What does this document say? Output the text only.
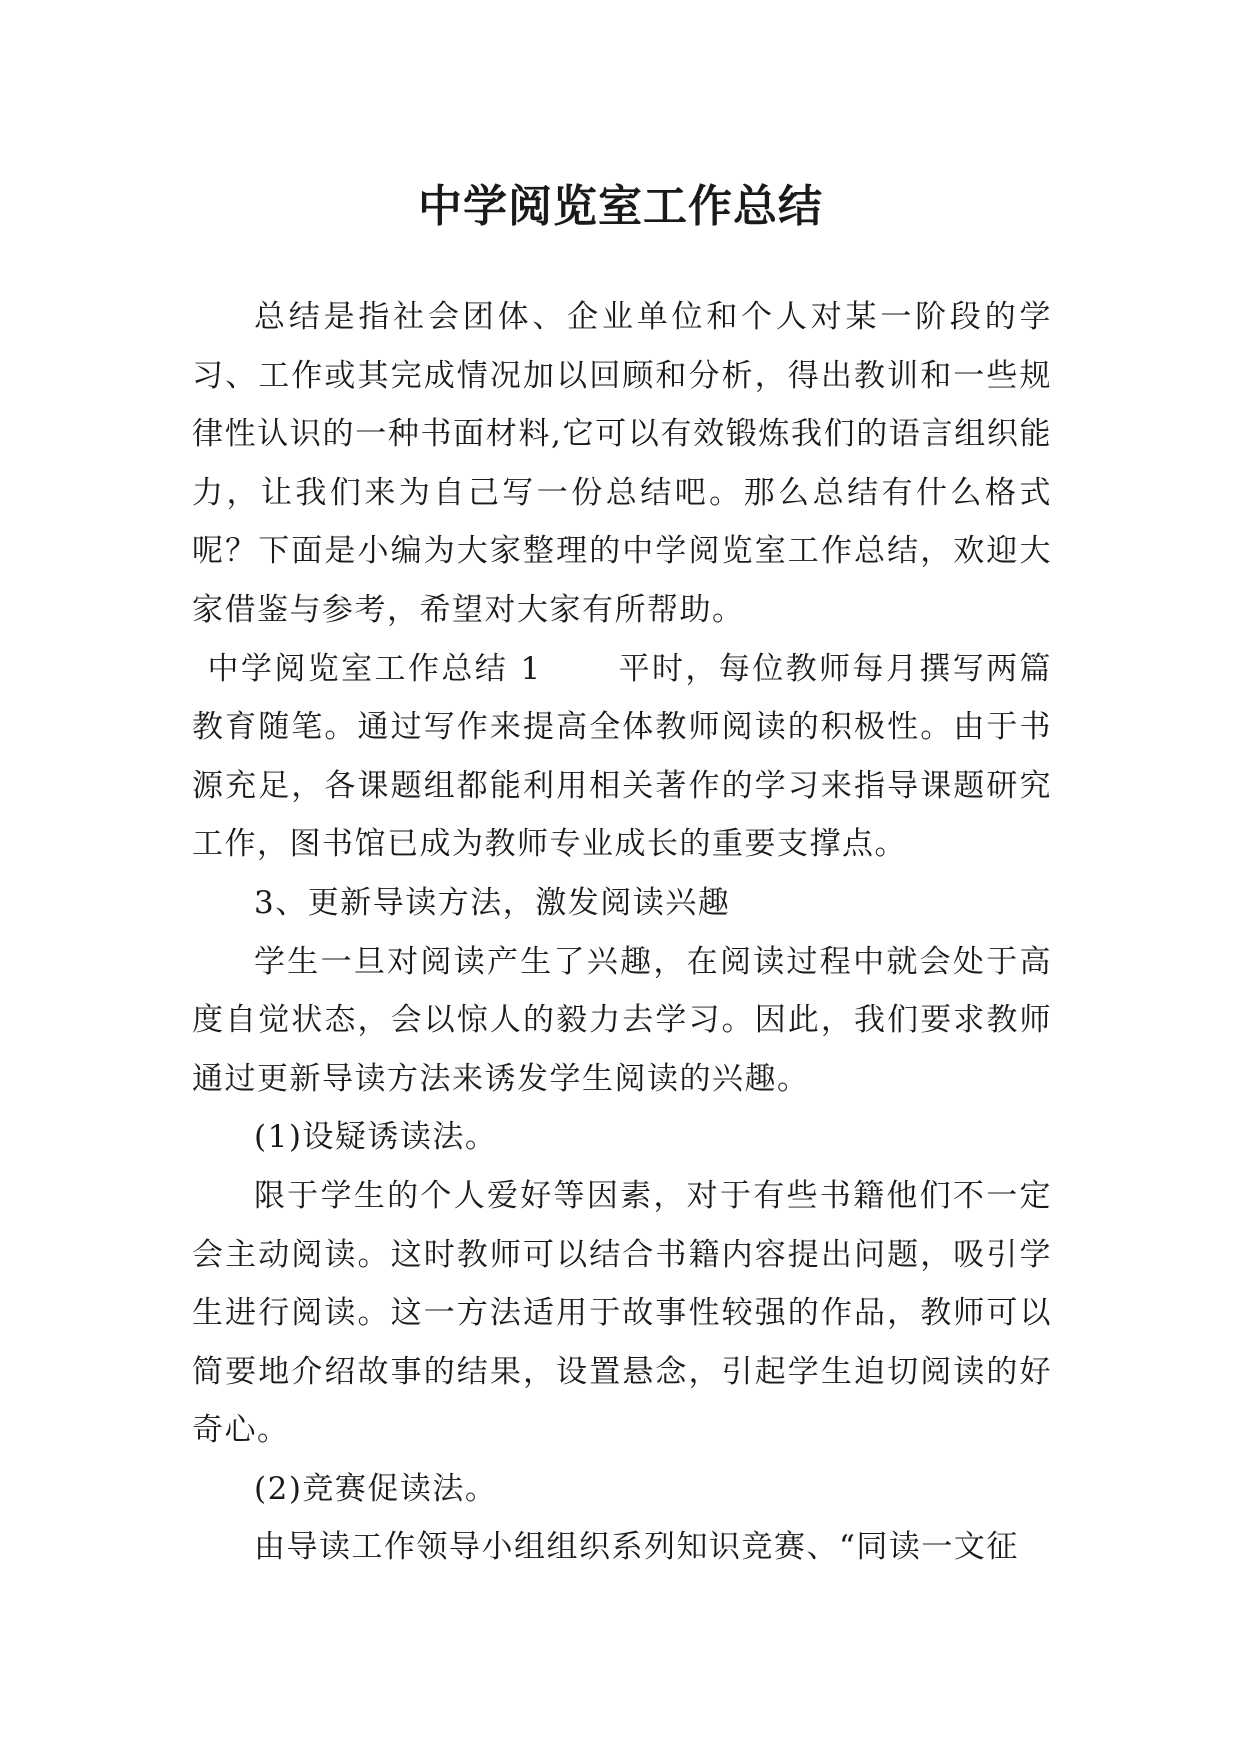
中学阅览室工作总结

总结是指社会团体、企业单位和个人对某一阶段的学习、工作或其完成情况加以回顾和分析，得出教训和一些规律性认识的一种书面材料,它可以有效锻炼我们的语言组织能力，让我们来为自己写一份总结吧。那么总结有什么格式呢？下面是小编为大家整理的中学阅览室工作总结，欢迎大家借鉴与参考，希望对大家有所帮助。

中学阅览室工作总结 1 平时，每位教师每月撰写两篇教育随笔。通过写作来提高全体教师阅读的积极性。由于书源充足，各课题组都能利用相关著作的学习来指导课题研究工作，图书馆已成为教师专业成长的重要支撑点。

3、更新导读方法，激发阅读兴趣

学生一旦对阅读产生了兴趣，在阅读过程中就会处于高度自觉状态，会以惊人的毅力去学习。因此，我们要求教师通过更新导读方法来诱发学生阅读的兴趣。

(1)设疑诱读法。

限于学生的个人爱好等因素，对于有些书籍他们不一定会主动阅读。这时教师可以结合书籍内容提出问题，吸引学生进行阅读。这一方法适用于故事性较强的作品，教师可以简要地介绍故事的结果，设置悬念，引起学生迫切阅读的好奇心。

(2)竞赛促读法。

由导读工作领导小组组织系列知识竞赛、“同读一文征
